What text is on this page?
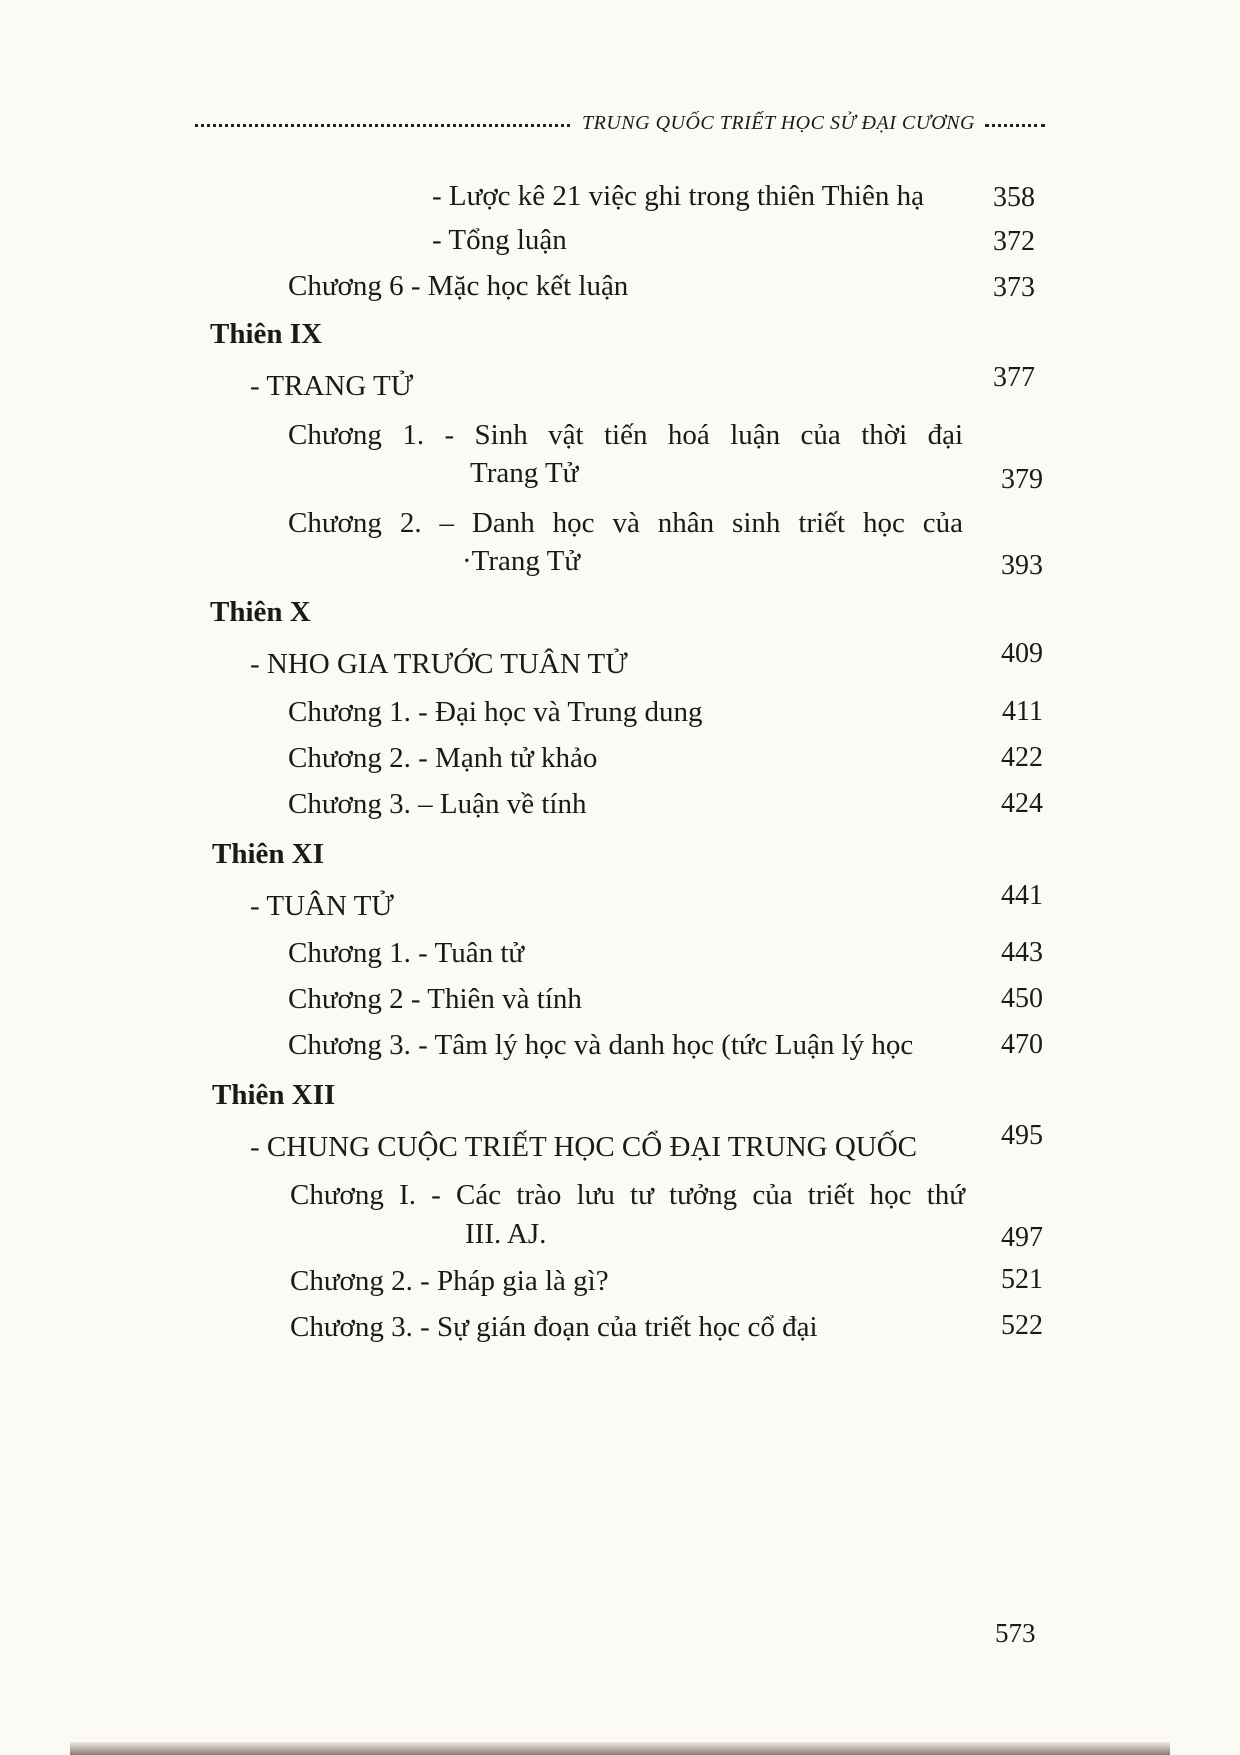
TRUNG QUỐC TRIẾT HỌC SỬ ĐẠI CƯƠNG
- Lược kê 21 việc ghi trong thiên Thiên hạ	358
- Tổng luận	372
Chương 6 - Mặc học kết luận	373
Thiên IX
- TRANG TỬ	377
Chương 1. - Sinh vật tiến hoá luận của thời đại
Trang Tử	379
Chương 2. – Danh học và nhân sinh triết học của
·Trang Tử	393
Thiên X
- NHO GIA TRƯỚC TUÂN TỬ	409
Chương 1. - Đại học và Trung dung	411
Chương 2. - Mạnh tử khảo	422
Chương 3. – Luận về tính	424
Thiên XI
- TUÂN TỬ	441
Chương 1. - Tuân tử	443
Chương 2 - Thiên và tính	450
Chương 3. - Tâm lý học và danh học (tức Luận lý học	470
Thiên XII
- CHUNG CUỘC TRIẾT HỌC CỔ ĐẠI TRUNG QUỐC	495
Chương I. - Các trào lưu tư tưởng của triết học thứ
III. AJ.	497
Chương 2. - Pháp gia là gì?	521
Chương 3. - Sự gián đoạn của triết học cổ đại	522
573
